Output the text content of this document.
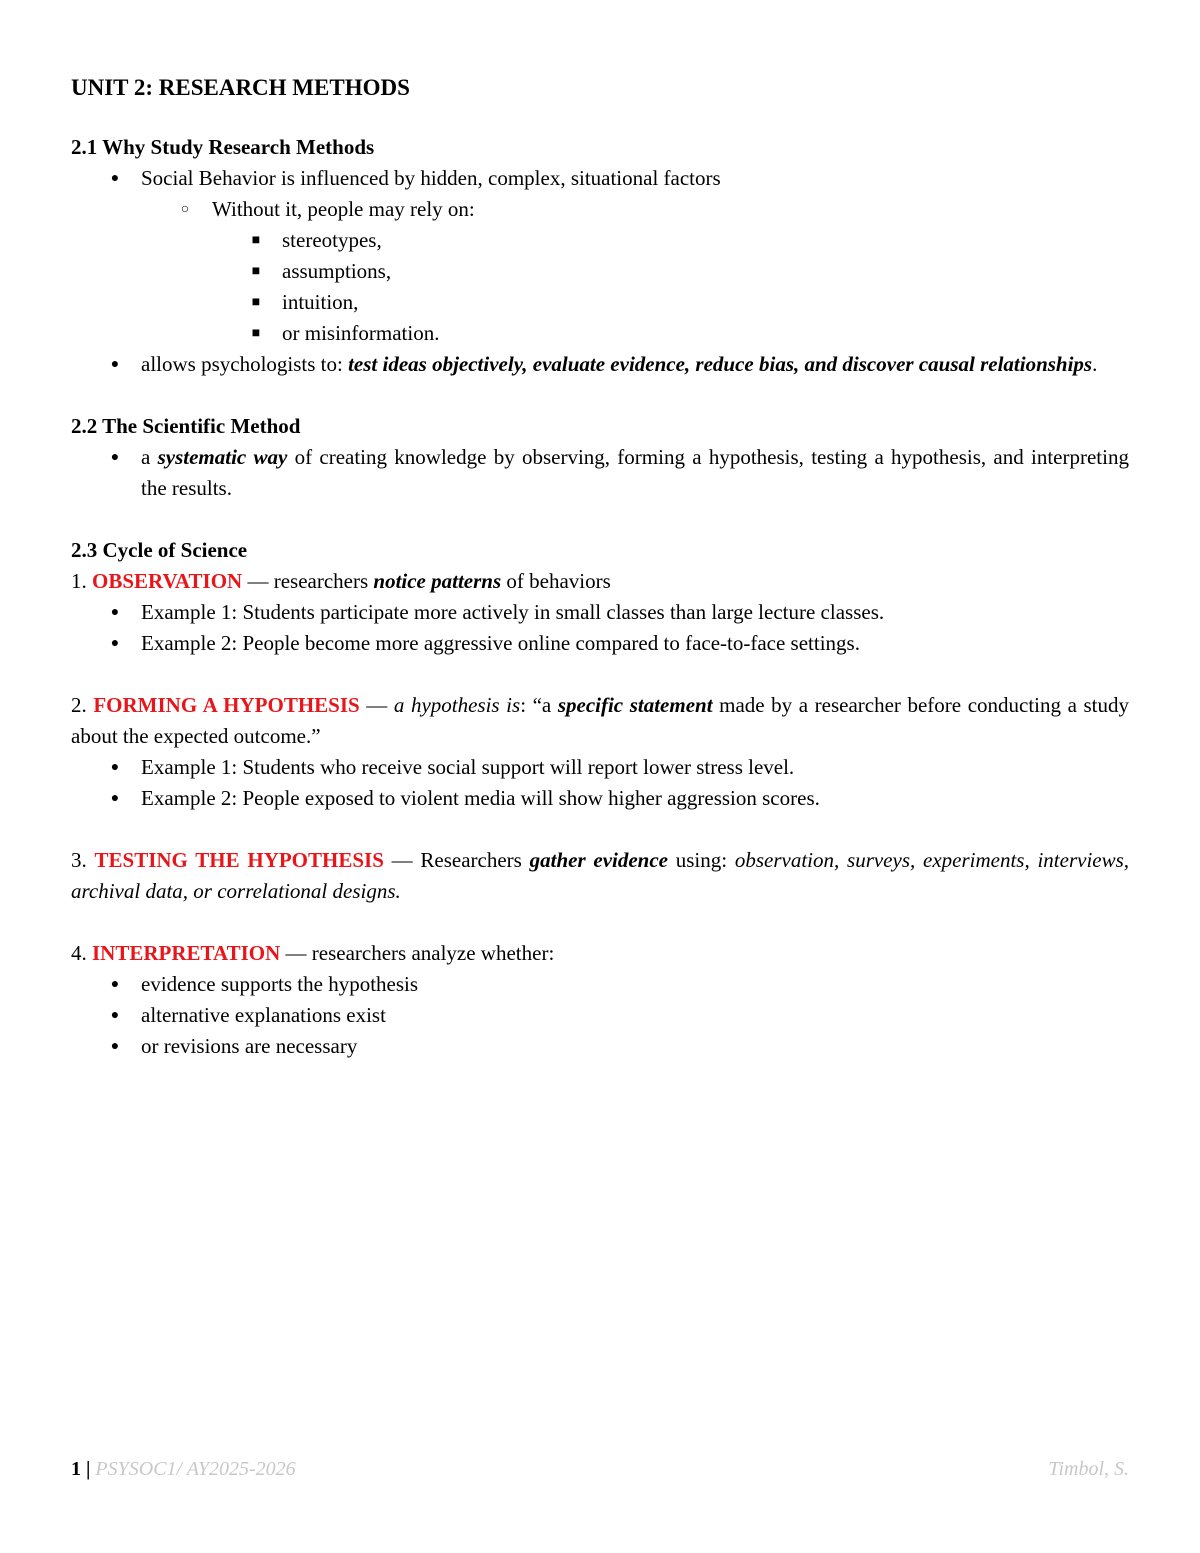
UNIT 2: RESEARCH METHODS
2.1 Why Study Research Methods
● Social Behavior is influenced by hidden, complex, situational factors
○ Without it, people may rely on:
■ stereotypes,
■ assumptions,
■ intuition,
■ or misinformation.
● allows psychologists to: test ideas objectively, evaluate evidence, reduce bias, and discover causal relationships.
2.2 The Scientific Method
● a systematic way of creating knowledge by observing, forming a hypothesis, testing a hypothesis, and interpreting the results.
2.3 Cycle of Science

1. OBSERVATION — researchers notice patterns of behaviors

● Example 1: Students participate more actively in small classes than large lecture classes.
● Example 2: People become more aggressive online compared to face-to-face settings.

2. FORMING A HYPOTHESIS — a hypothesis is: “a specific statement made by a researcher before conducting a study about the expected outcome.”

● Example 1: Students who receive social support will report lower stress level.
● Example 2: People exposed to violent media will show higher aggression scores.

3. TESTING THE HYPOTHESIS — Researchers gather evidence using: observation, surveys, experiments, interviews, archival data, or correlational designs.

4. INTERPRETATION — researchers analyze whether:

● evidence supports the hypothesis
● alternative explanations exist
● or revisions are necessary
1 | PSYSOC1/ AY2025-2026	Timbol, S.
